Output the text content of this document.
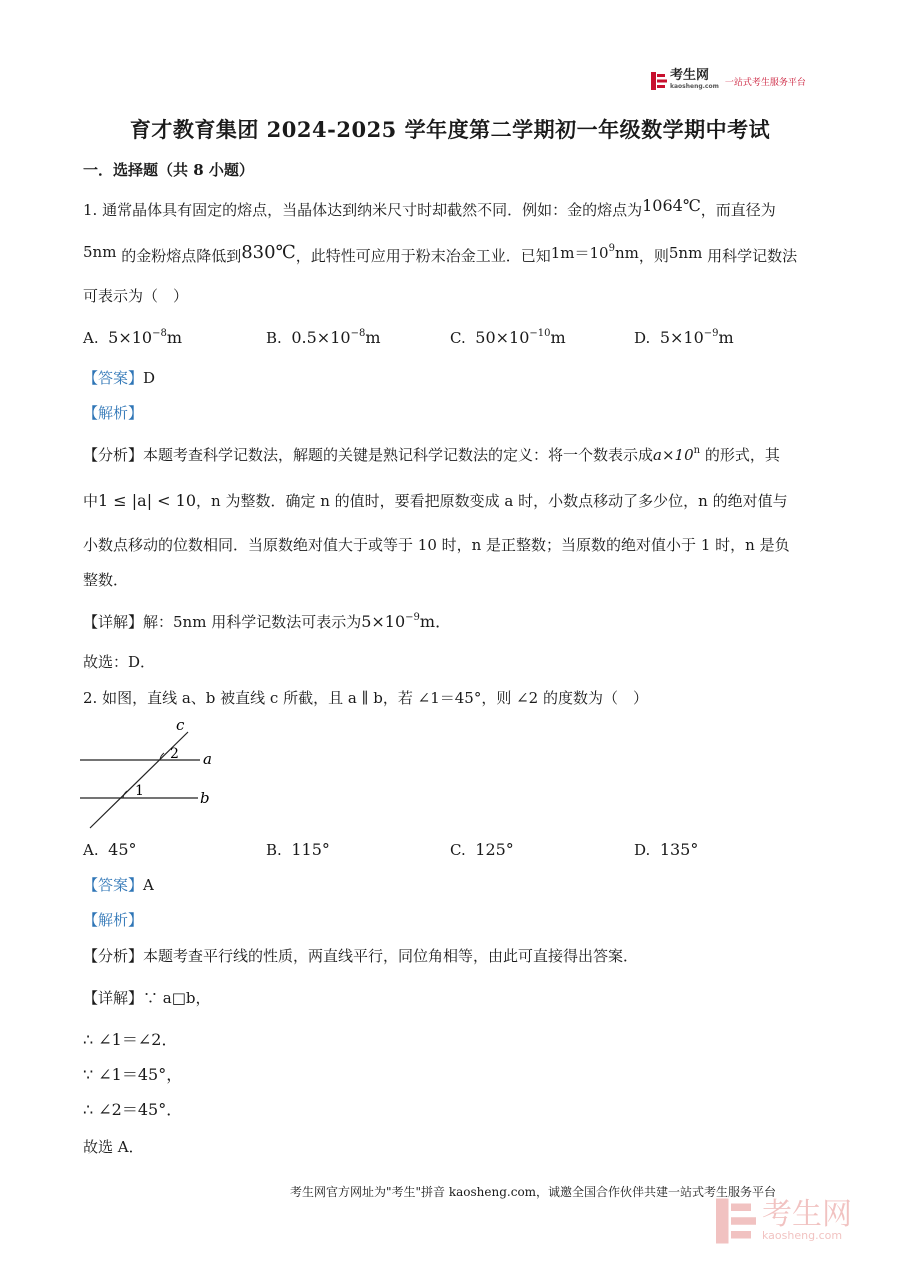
考生网
kaosheng.com 一站式考生服务平台
育才教育集团 2024-2025 学年度第二学期初一年级数学期中考试
一．选择题（共 8 小题）
1. 通常晶体具有固定的熔点，当晶体达到纳米尺寸时却截然不同．例如：金的熔点为1064℃，而直径为
5nm 的金粉熔点降低到830℃，此特性可应用于粉末冶金工业．已知$1m=10^9nm$，则5nm 用科学记数法
可表示为（　）
A. $5\times 10^{-8}m$	B. $0.5\times 10^{-8}m$	C. $50\times 10^{-10}m$	D. $5\times 10^{-9}m$
【答案】D
【解析】
【分析】本题考查科学记数法，解题的关键是熟记科学记数法的定义：将一个数表示成$a\times 10^n$ 的形式，其
中1 ≤ |a| < 10，n 为整数．确定 n 的值时，要看把原数变成 a 时，小数点移动了多少位，n 的绝对值与
小数点移动的位数相同．当原数绝对值大于或等于 10 时，n 是正整数；当原数的绝对值小于 1 时，n 是负
整数．
【详解】解：5nm 用科学记数法可表示为$5\times 10^{-9}m$．
故选：D．
2. 如图，直线 a、b 被直线 c 所截，且 a ∥ b，若 ∠1＝45°，则 ∠2 的度数为（　）
c
2 a
1	b
A. 45°	B. 115°	C. 125°	D. 135°
【答案】A
【解析】
【分析】本题考查平行线的性质，两直线平行，同位角相等，由此可直接得出答案．
【详解】∵ a□b，
∴ ∠1＝∠2．
∵ ∠1＝45°，
∴ ∠2＝45°．
故选 A．
考生网官方网址为"考生"拼音 kaosheng.com，诚邀全国合作伙伴共建一站式考生服务平台
考生网
kaosheng.com
